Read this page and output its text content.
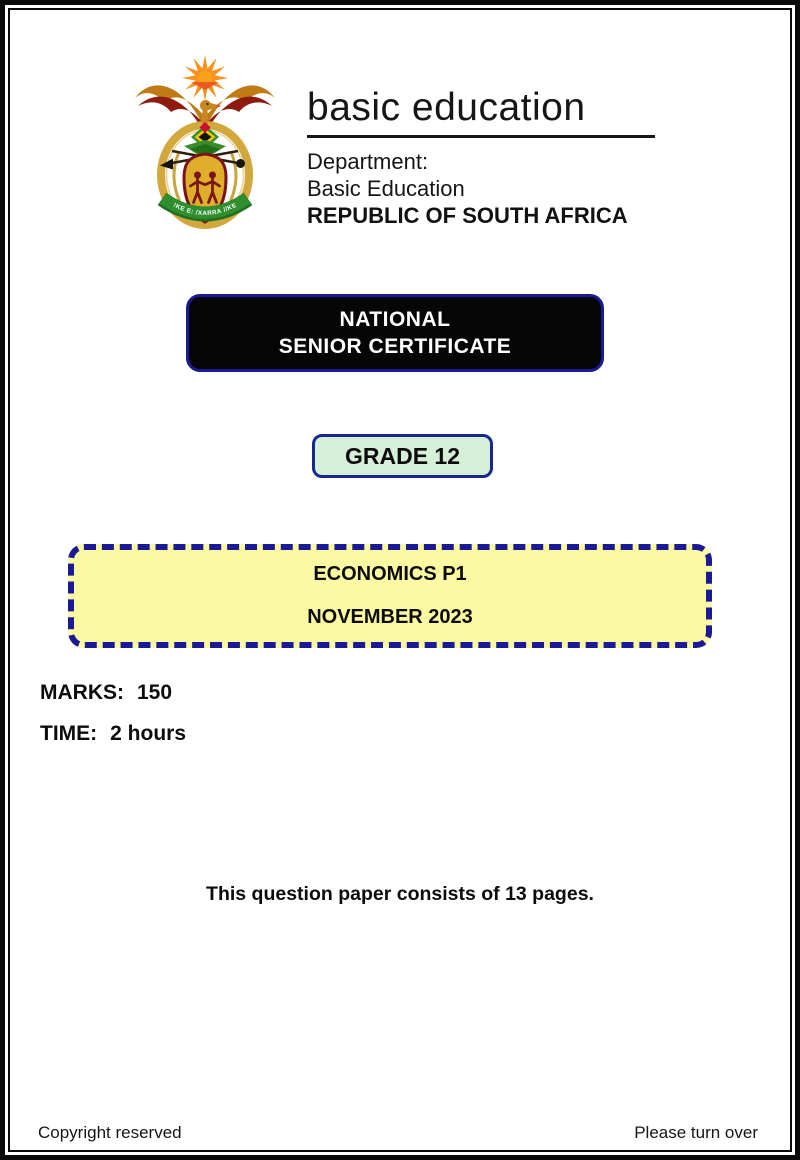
!KE E: /XARRA //KE
basic education
Department:
Basic Education
REPUBLIC OF SOUTH AFRICA
NATIONAL
SENIOR CERTIFICATE
GRADE 12
ECONOMICS P1
NOVEMBER 2023
MARKS: 150
TIME: 2 hours
This question paper consists of 13 pages.
Copyright reserved	Please turn over
